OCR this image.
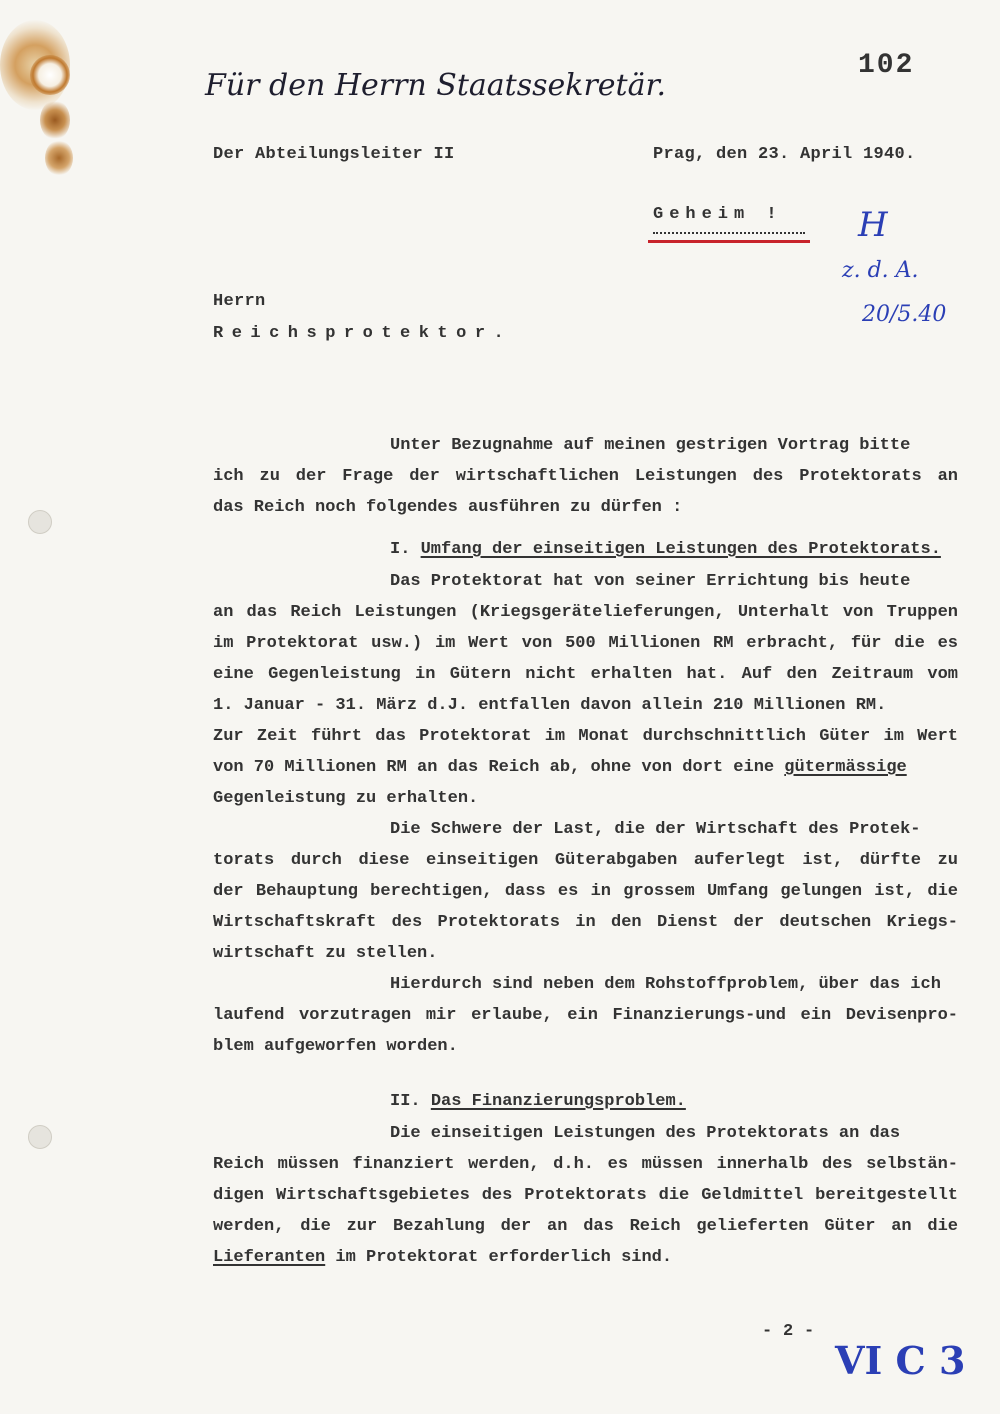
Für den Herrn Staatssekretär.
102
Der Abteilungsleiter II	Prag, den 23. April 1940.
Geheim ! H
z. d. A.
20/5.40
Herrn
Reichsprotektor.
Unter Bezugnahme auf meinen gestrigen Vortrag bitte
ich zu der Frage der wirtschaftlichen Leistungen des Protektorats an
das Reich noch folgendes ausführen zu dürfen :
I. Umfang der einseitigen Leistungen des Protektorats.
Das Protektorat hat von seiner Errichtung bis heute
an das Reich Leistungen (Kriegsgerätelieferungen, Unterhalt von Truppen
im Protektorat usw.) im Wert von 500 Millionen RM erbracht, für die es
eine Gegenleistung in Gütern nicht erhalten hat. Auf den Zeitraum vom
1. Januar - 31. März d.J. entfallen davon allein 210 Millionen RM.
Zur Zeit führt das Protektorat im Monat durchschnittlich Güter im Wert
von 70 Millionen RM an das Reich ab, ohne von dort eine gütermässige
Gegenleistung zu erhalten.
Die Schwere der Last, die der Wirtschaft des Protek-
torats durch diese einseitigen Güterabgaben auferlegt ist, dürfte zu
der Behauptung berechtigen, dass es in grossem Umfang gelungen ist, die
Wirtschaftskraft des Protektorats in den Dienst der deutschen Kriegs-
wirtschaft zu stellen.
Hierdurch sind neben dem Rohstoffproblem, über das ich
laufend vorzutragen mir erlaube, ein Finanzierungs-und ein Devisenpro-
blem aufgeworfen worden.
II. Das Finanzierungsproblem.
Die einseitigen Leistungen des Protektorats an das
Reich müssen finanziert werden, d.h. es müssen innerhalb des selbstän-
digen Wirtschaftsgebietes des Protektorats die Geldmittel bereitgestellt
werden, die zur Bezahlung der an das Reich gelieferten Güter an die
Lieferanten im Protektorat erforderlich sind.
- 2 -
VI C 3
